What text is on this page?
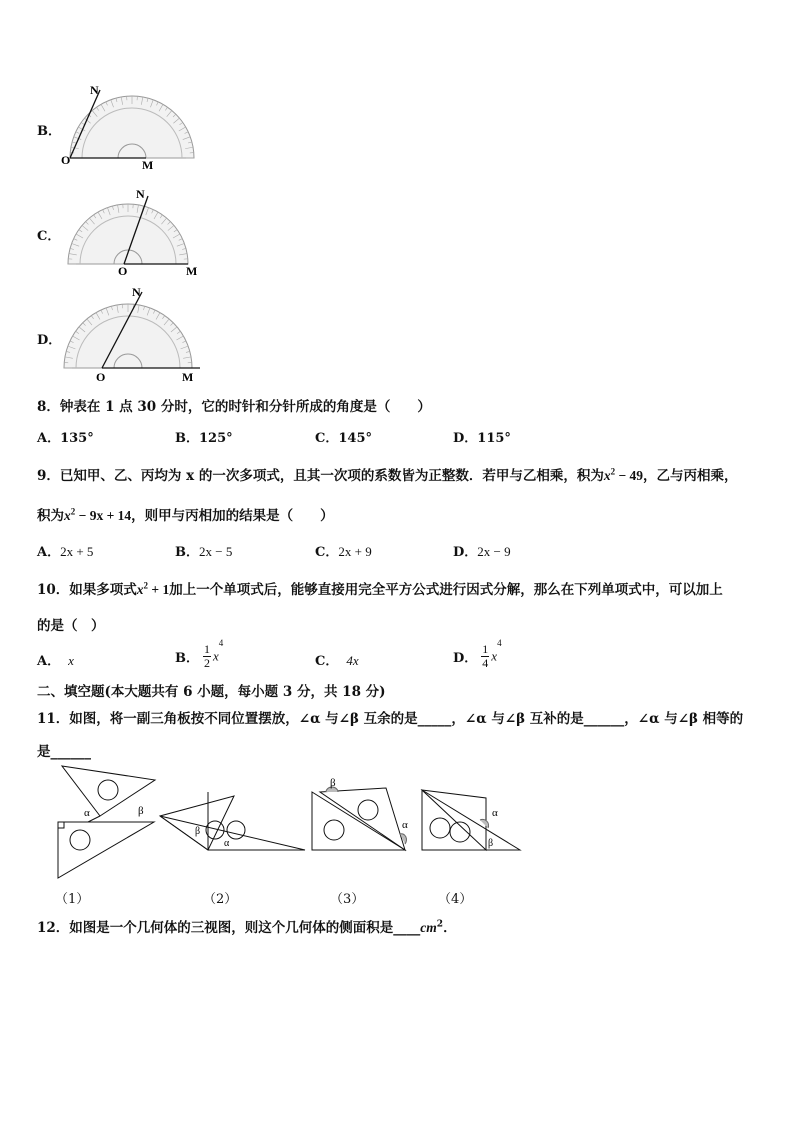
B．
N
O	M
C．
N
O	M
D．
N
O	M
8．钟表在 1 点 30 分时，它的时针和分针所成的角度是（　　）
A．135°	B．125°	C．145°	D．115°
9．已知甲、乙、丙均为 x 的一次多项式，且其一次项的系数皆为正整数．若甲与乙相乘，积为$x^2 - 49$，乙与丙相乘，
积为$x^2 - 9x + 14$，则甲与丙相加的结果是（　　）
A．2x + 5	B．2x − 5	C．2x + 9	D．2x − 9
10．如果多项式$x^2 + 1$加上一个单项式后，能够直接用完全平方公式进行因式分解，那么在下列单项式中，可以加上
的是（　）
A． x	B． $\frac{1}{2} x^4$
C． 4x	D． $\frac{1}{4} x^4$
二、填空题(本大题共有 6 小题，每小题 3 分，共 18 分)
11．如图，将一副三角板按不同位置摆放，∠α 与∠β 互余的是_____，∠α 与∠β 互补的是______，∠α 与∠β 相等的
是______
α	β
β
α
β
α
α
β
（1）	（2）	（3）	（4）
12．如图是一个几何体的三视图，则这个几何体的侧面积是$\_\_\_\_cm^2$．
